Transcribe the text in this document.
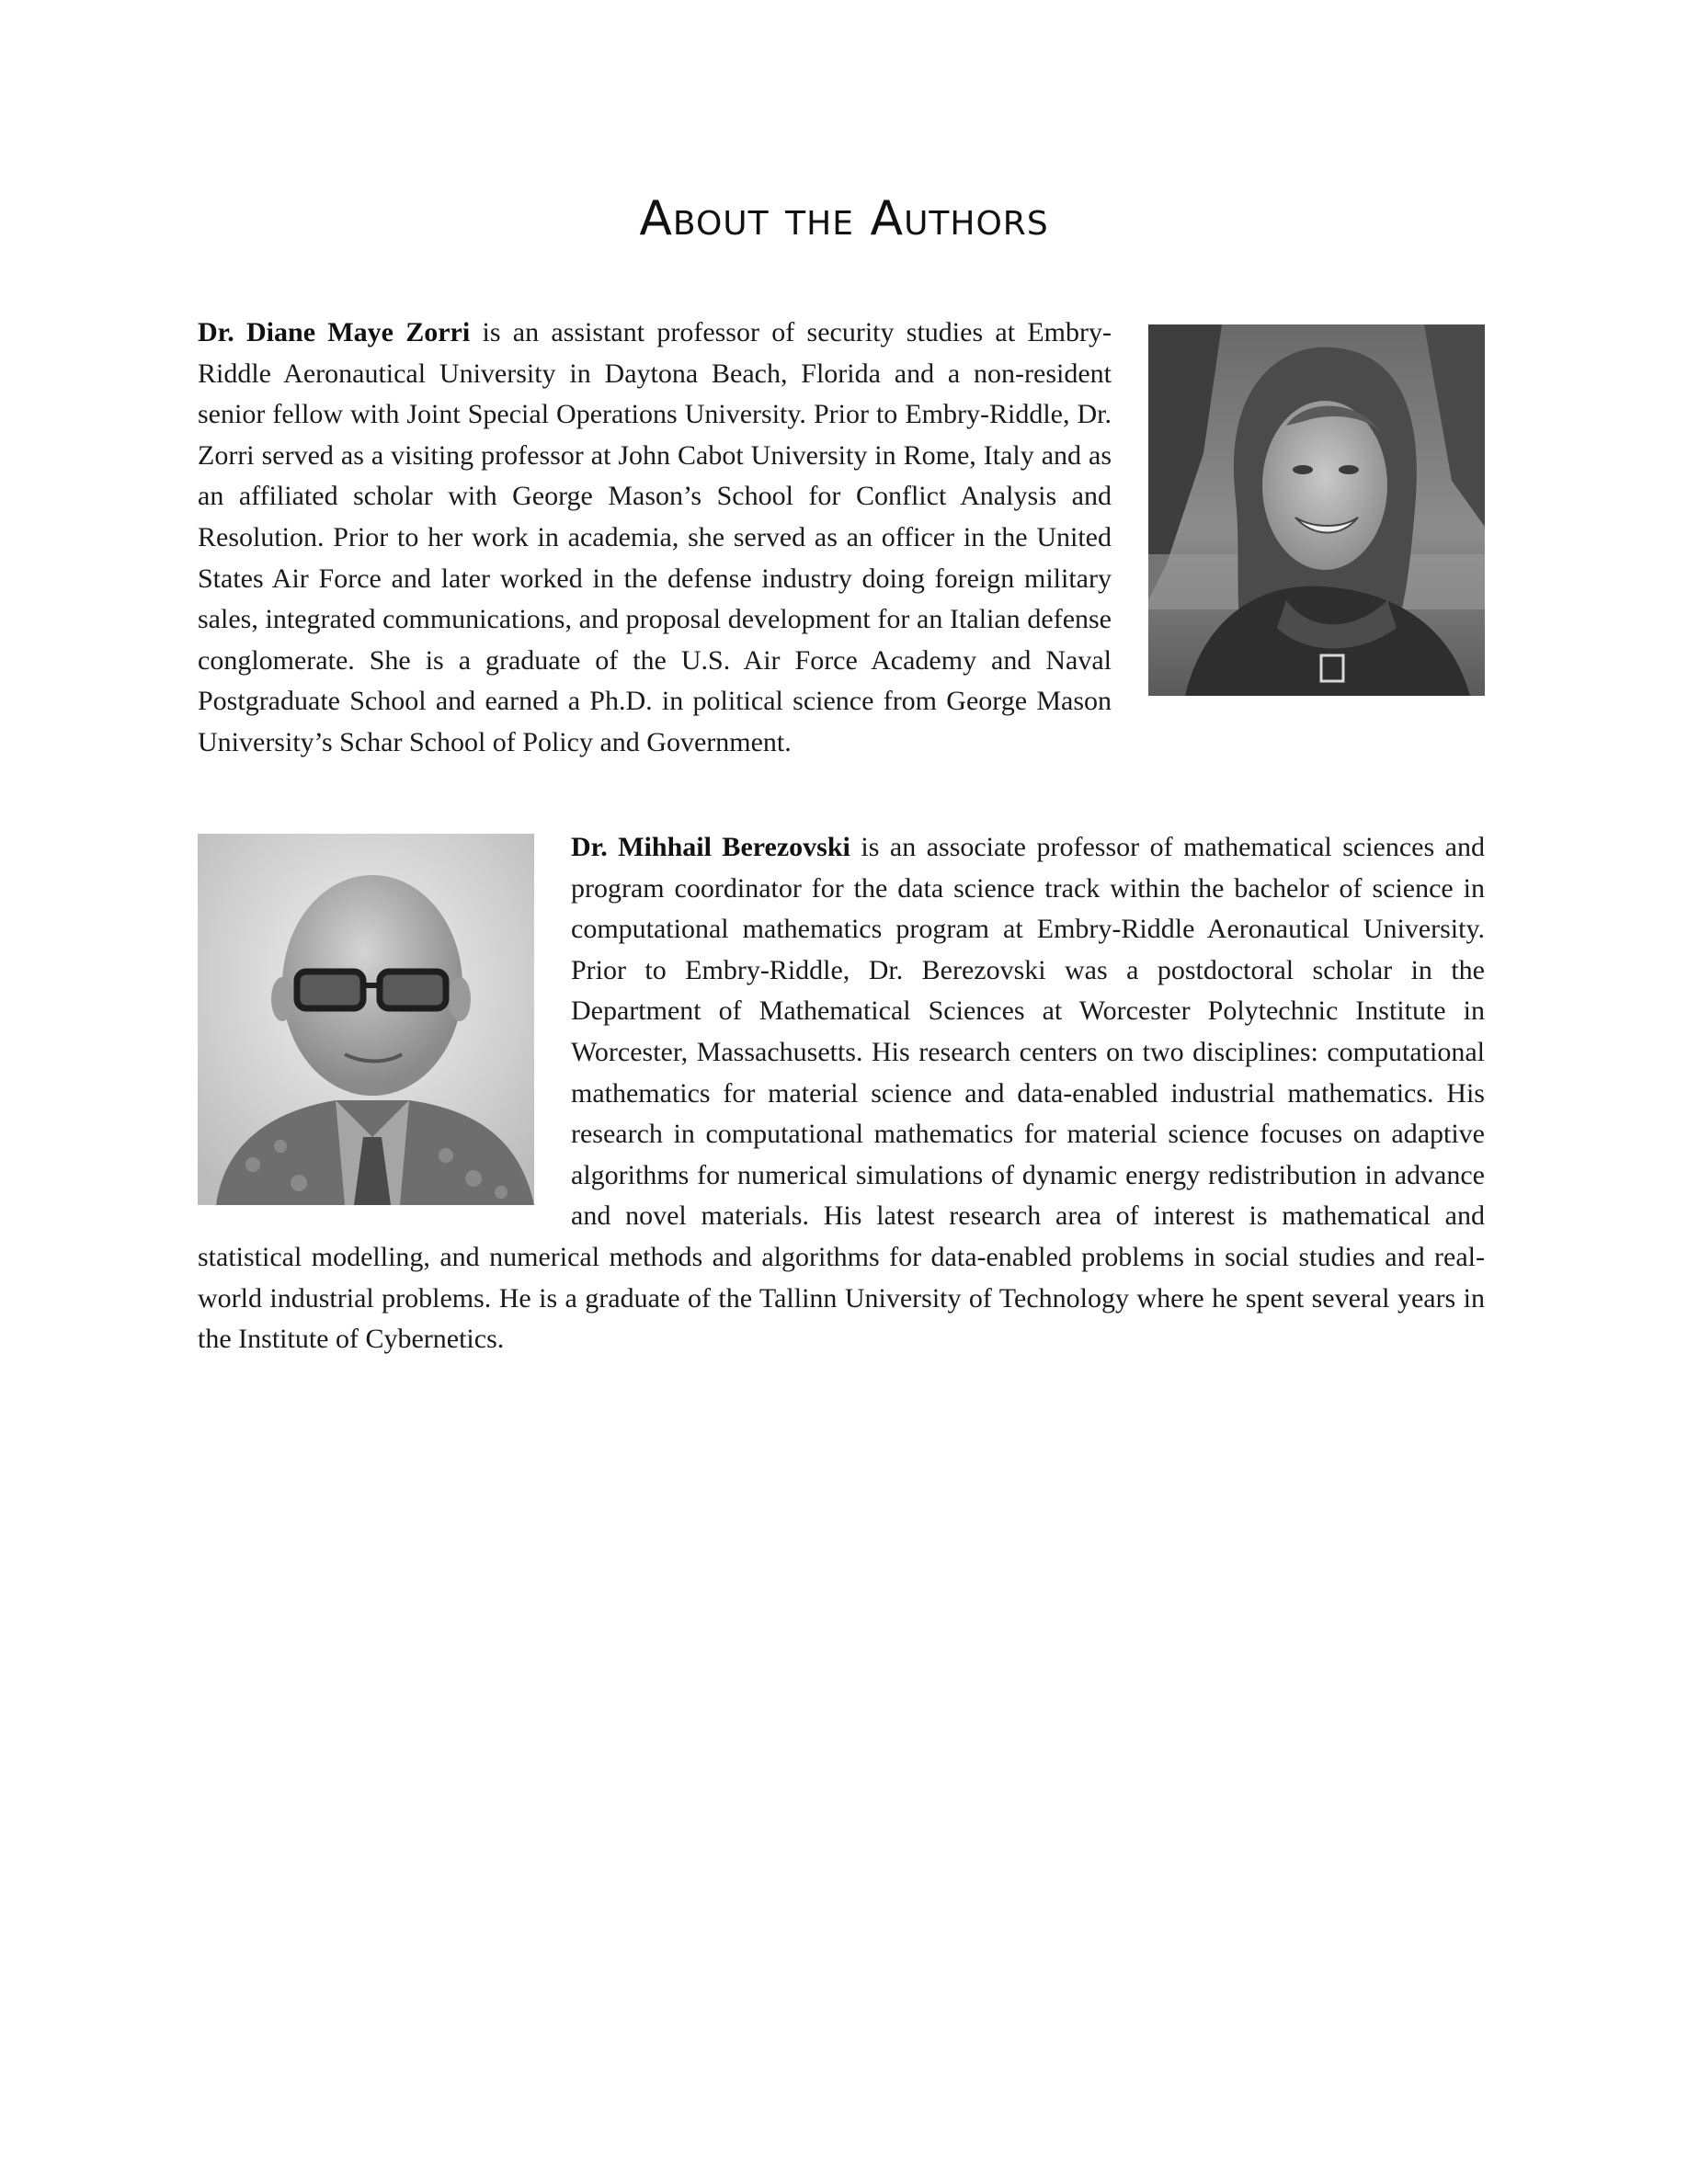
About the Authors
Dr. Diane Maye Zorri is an assistant professor of security studies at Embry-Riddle Aeronautical University in Daytona Beach, Florida and a non-resident senior fellow with Joint Special Operations University. Prior to Embry-Riddle, Dr. Zorri served as a visiting professor at John Cabot University in Rome, Italy and as an affiliated scholar with George Mason’s School for Conflict Analysis and Resolution. Prior to her work in academia, she served as an officer in the United States Air Force and later worked in the defense industry doing foreign military sales, integrated communications, and proposal development for an Italian defense conglomerate. She is a graduate of the U.S. Air Force Academy and Naval Postgraduate School and earned a Ph.D. in political science from George Mason University’s Schar School of Policy and Government.
Dr. Mihhail Berezovski is an associate professor of mathematical sciences and program coordinator for the data science track within the bachelor of science in computational mathematics program at Embry-Riddle Aeronautical University. Prior to Embry-Riddle, Dr. Berezovski was a postdoctoral scholar in the Department of Mathematical Sciences at Worcester Polytechnic Institute in Worcester, Massachusetts. His research centers on two disciplines: computational mathematics for material science and data-enabled industrial mathematics. His research in computational mathematics for material science focuses on adaptive algorithms for numerical simulations of dynamic energy redistribution in advance and novel materials. His latest research area of interest is mathematical and statistical modelling, and numerical methods and algorithms for data-enabled problems in social studies and real-world industrial problems. He is a graduate of the Tallinn University of Technology where he spent several years in the Institute of Cybernetics.
